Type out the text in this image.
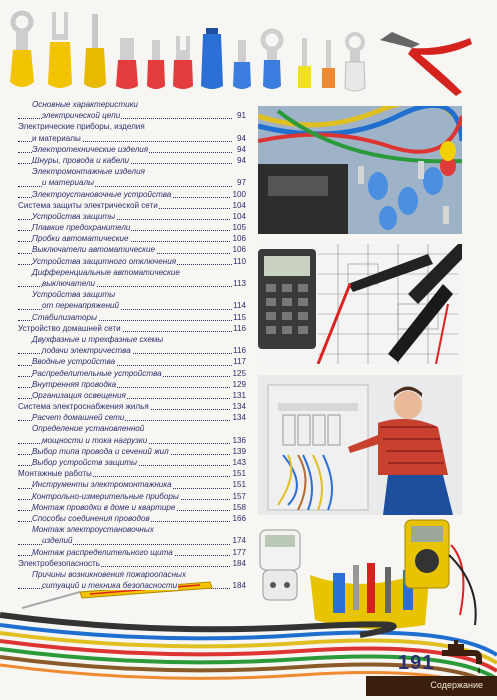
Основные характеристики
электрической цепи	91
Электрические приборы, изделия
и материалы	94
Электротехнические изделия	94
Шнуры, провода и кабели	94
Электромонтажные изделия
и материалы	97
Электроустановочные устройства	100
Система защиты электрической сети	104
Устройства защиты	104
Плавкие предохранители	105
Пробки автоматические	106
Выключатели автоматические	106
Устройства защитного отключения	110
Дифференциальные автоматические
выключатели	113
Устройства защиты
от перенапряжений	114
Стабилизаторы	115
Устройство домашней сети	116
Двухфазные и трехфазные схемы
подачи электричества	116
Вводные устройства	117
Распределительные устройства	125
Внутренняя проводка	129
Организация освещения	131
Система электроснабжения жилья	134
Расчет домашней сети	134
Определение установленной
мощности и тока нагрузки	136
Выбор типа провода и сечений жил	139
Выбор устройств защиты	143
Монтажные работы	151
Инструменты электромонтажника	151
Контрольно-измерительные приборы	157
Монтаж проводки в доме и квартире	158
Способы соединения проводов	166
Монтаж электроустановочных
изделий	174
Монтаж распределительного щита	177
Электробезопасность	184
Причины возникновения пожароопасных
ситуаций и техника безопасности	184
191
Содержание
